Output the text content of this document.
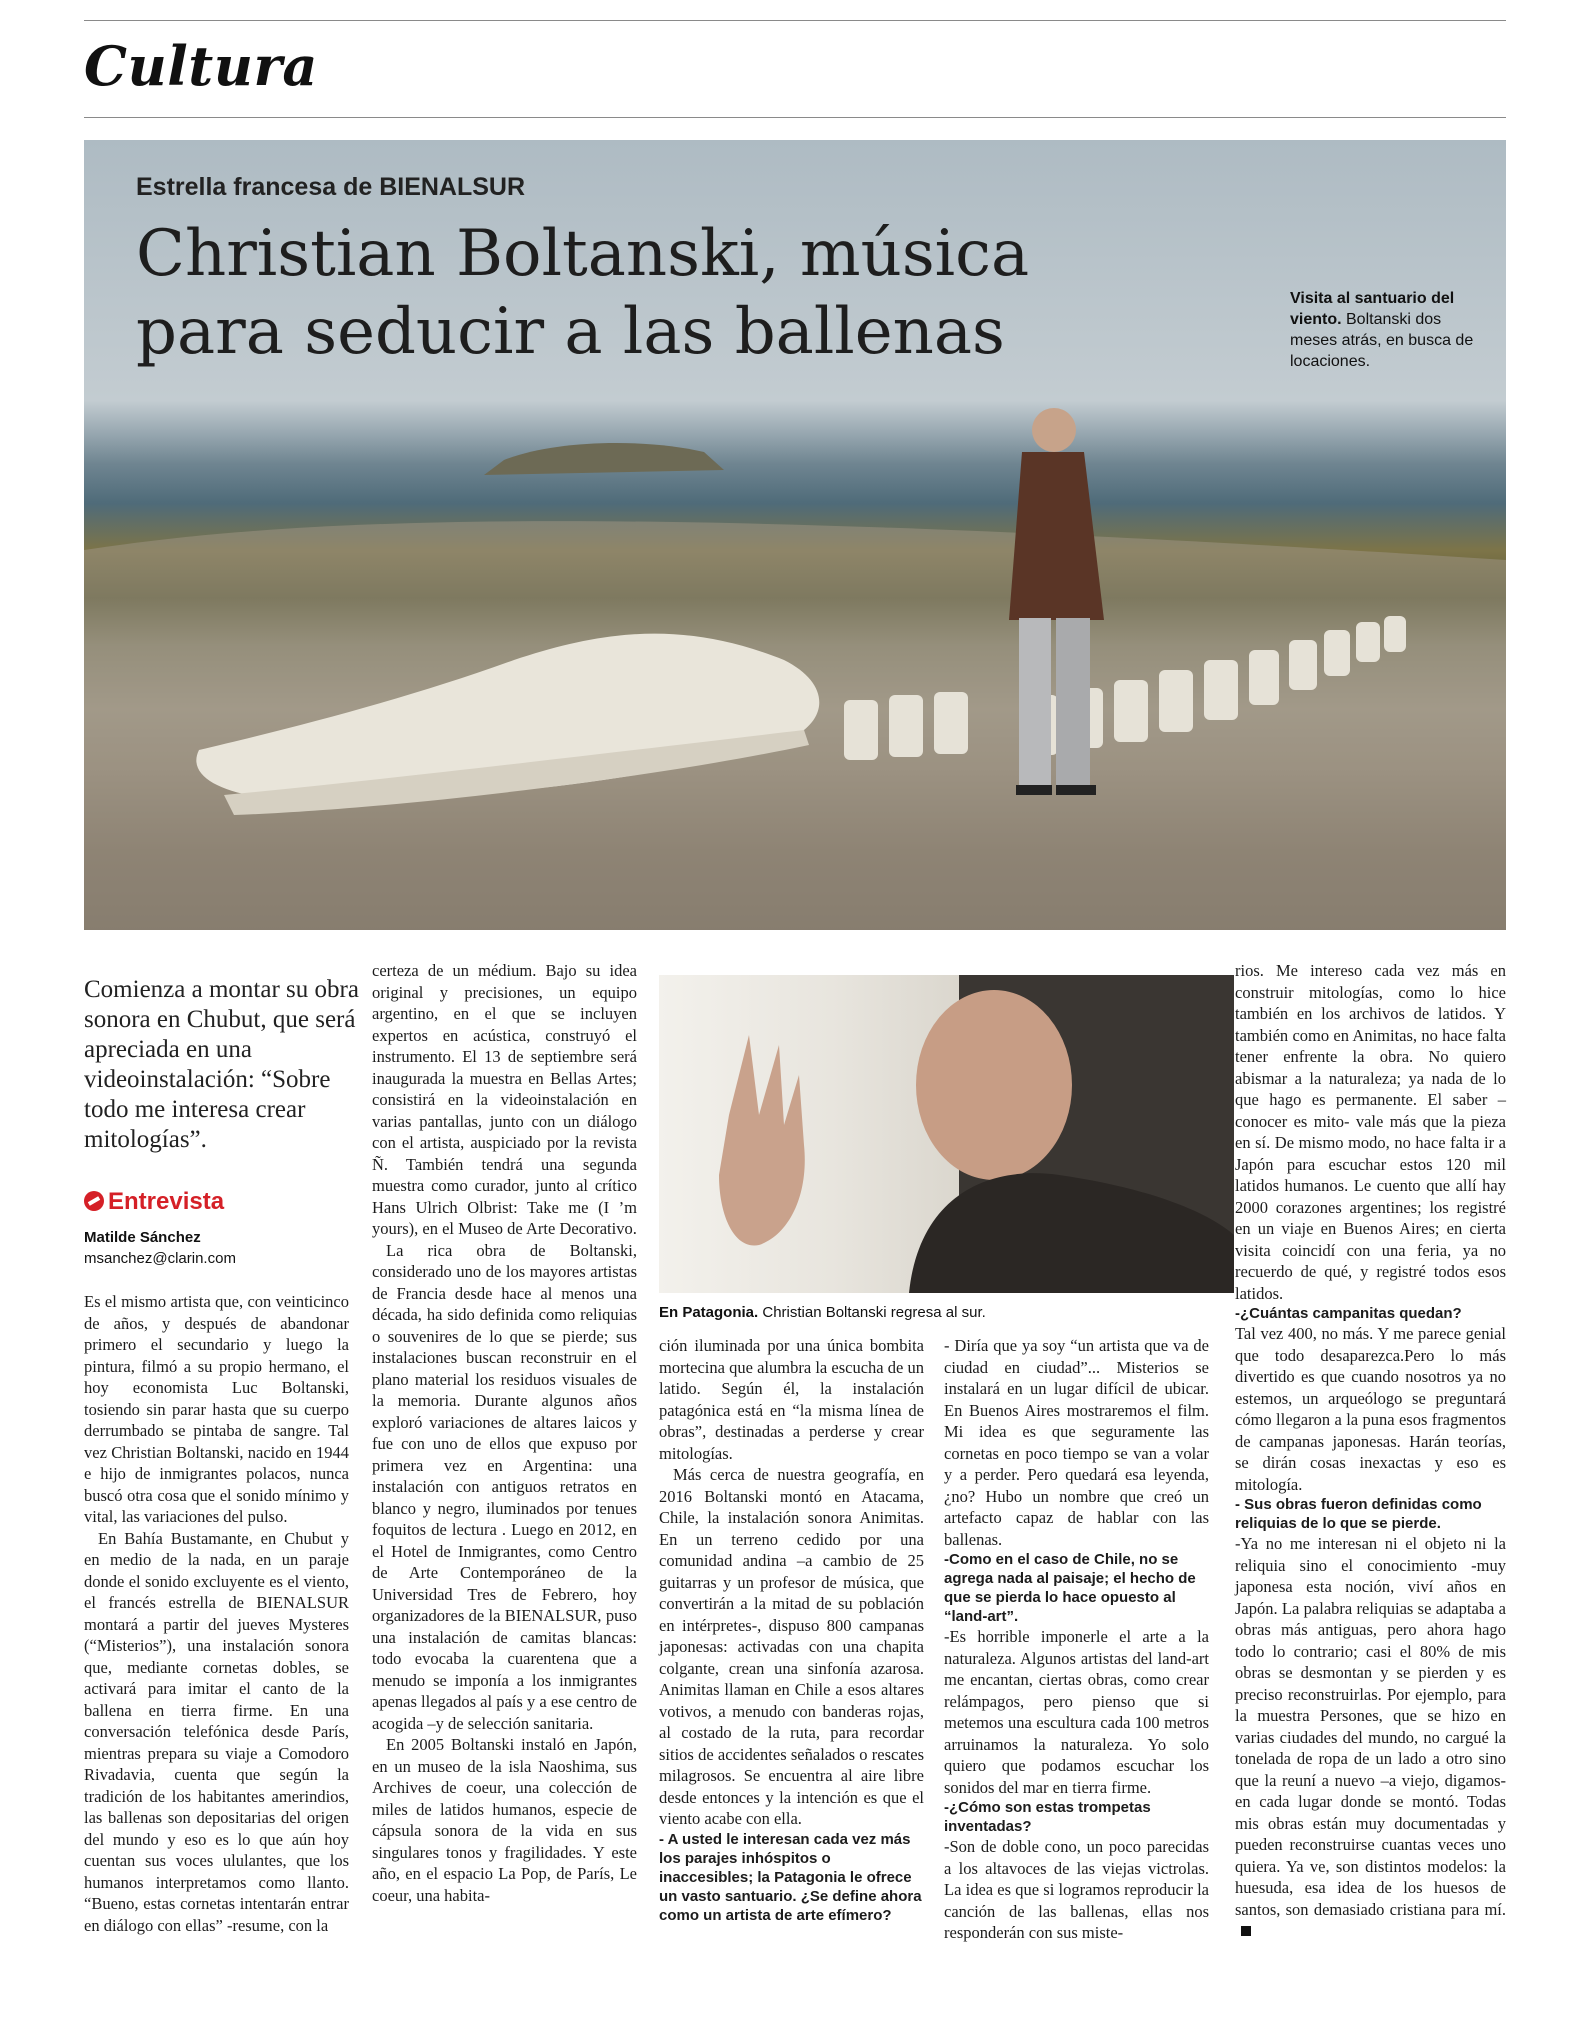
Cultura
Estrella francesa de BIENALSUR
Christian Boltanski, música para seducir a las ballenas	Visita al santuario del viento. Boltanski dos meses atrás, en busca de locaciones.
Comienza a montar su obra sonora en Chubut, que será apreciada en una videoinstalación: “Sobre todo me interesa crear mitologías”.
Entrevista
Matilde Sánchez
msanchez@clarin.com

Es el mismo artista que, con veinticinco de años, y después de abandonar primero el secundario y luego la pintura, filmó a su propio hermano, el hoy economista Luc Boltanski, tosiendo sin parar hasta que su cuerpo derrumbado se pintaba de sangre. Tal vez Christian Boltanski, nacido en 1944 e hijo de inmigrantes polacos, nunca buscó otra cosa que el sonido mínimo y vital, las variaciones del pulso.

En Bahía Bustamante, en Chubut y en medio de la nada, en un paraje donde el sonido excluyente es el viento, el francés estrella de BIENALSUR montará a partir del jueves Mysteres (“Misterios”), una instalación sonora que, mediante cornetas dobles, se activará para imitar el canto de la ballena en tierra firme. En una conversación telefónica desde París, mientras prepara su viaje a Comodoro Rivadavia, cuenta que según la tradición de los habitantes amerindios, las ballenas son depositarias del origen del mundo y eso es lo que aún hoy cuentan sus voces ululantes, que los humanos interpretamos como llanto. “Bueno, estas cornetas intentarán entrar en diálogo con ellas” -resume, con la

certeza de un médium. Bajo su idea original y precisiones, un equipo argentino, en el que se incluyen expertos en acústica, construyó el instrumento. El 13 de septiembre será inaugurada la muestra en Bellas Artes; consistirá en la videoinstalación en varias pantallas, junto con un diálogo con el artista, auspiciado por la revista Ñ. También tendrá una segunda muestra como curador, junto al crítico Hans Ulrich Olbrist: Take me (I ’m yours), en el Museo de Arte Decorativo.

La rica obra de Boltanski, considerado uno de los mayores artistas de Francia desde hace al menos una década, ha sido definida como reliquias o souvenires de lo que se pierde; sus instalaciones buscan reconstruir en el plano material los residuos visuales de la memoria. Durante algunos años exploró variaciones de altares laicos y fue con uno de ellos que expuso por primera vez en Argentina: una instalación con antiguos retratos en blanco y negro, iluminados por tenues foquitos de lectura . Luego en 2012, en el Hotel de Inmigrantes, como Centro de Arte Contemporáneo de la Universidad Tres de Febrero, hoy organizadores de la BIENALSUR, puso una instalación de camitas blancas: todo evocaba la cuarentena que a menudo se imponía a los inmigrantes apenas llegados al país y a ese centro de acogida –y de selección sanitaria.

En 2005 Boltanski instaló en Japón, en un museo de la isla Naoshima, sus Archives de coeur, una colección de miles de latidos humanos, especie de cápsula sonora de la vida en sus singulares tonos y fragilidades. Y este año, en el espacio La Pop, de París, Le coeur, una habita-

En Patagonia. Christian Boltanski regresa al sur.

ción iluminada por una única bombita mortecina que alumbra la escucha de un latido. Según él, la instalación patagónica está en “la misma línea de obras”, destinadas a perderse y crear mitologías.

Más cerca de nuestra geografía, en 2016 Boltanski montó en Atacama, Chile, la instalación sonora Animitas. En un terreno cedido por una comunidad andina –a cambio de 25 guitarras y un profesor de música, que convertirán a la mitad de su población en intérpretes-, dispuso 800 campanas japonesas: activadas con una chapita colgante, crean una sinfonía azarosa. Animitas llaman en Chile a esos altares votivos, a menudo con banderas rojas, al costado de la ruta, para recordar sitios de accidentes señalados o rescates milagrosos. Se encuentra al aire libre desde entonces y la intención es que el viento acabe con ella.

- A usted le interesan cada vez más los parajes inhóspitos o inaccesibles; la Patagonia le ofrece un vasto santuario. ¿Se define ahora como un artista de arte efímero?

- Diría que ya soy “un artista que va de ciudad en ciudad”... Misterios se instalará en un lugar difícil de ubicar. En Buenos Aires mostraremos el film. Mi idea es que seguramente las cornetas en poco tiempo se van a volar y a perder. Pero quedará esa leyenda, ¿no? Hubo un nombre que creó un artefacto capaz de hablar con las ballenas.

-Como en el caso de Chile, no se agrega nada al paisaje; el hecho de que se pierda lo hace opuesto al “land-art”.

-Es horrible imponerle el arte a la naturaleza. Algunos artistas del land-art me encantan, ciertas obras, como crear relámpagos, pero pienso que si metemos una escultura cada 100 metros arruinamos la naturaleza. Yo solo quiero que podamos escuchar los sonidos del mar en tierra firme.

-¿Cómo son estas trompetas inventadas?

-Son de doble cono, un poco parecidas a los altavoces de las viejas victrolas. La idea es que si logramos reproducir la canción de las ballenas, ellas nos responderán con sus miste-

rios. Me intereso cada vez más en construir mitologías, como lo hice también en los archivos de latidos. Y también como en Animitas, no hace falta tener enfrente la obra. No quiero abismar a la naturaleza; ya nada de lo que hago es permanente. El saber –conocer es mito- vale más que la pieza en sí. De mismo modo, no hace falta ir a Japón para escuchar estos 120 mil latidos humanos. Le cuento que allí hay 2000 corazones argentines; los registré en un viaje en Buenos Aires; en cierta visita coincidí con una feria, ya no recuerdo de qué, y registré todos esos latidos.

-¿Cuántas campanitas quedan?

Tal vez 400, no más. Y me parece genial que todo desaparezca.Pero lo más divertido es que cuando nosotros ya no estemos, un arqueólogo se preguntará cómo llegaron a la puna esos fragmentos de campanas japonesas. Harán teorías, se dirán cosas inexactas y eso es mitología.

- Sus obras fueron definidas como reliquias de lo que se pierde.

-Ya no me interesan ni el objeto ni la reliquia sino el conocimiento -muy japonesa esta noción, viví años en Japón. La palabra reliquias se adaptaba a obras más antiguas, pero ahora hago todo lo contrario; casi el 80% de mis obras se desmontan y se pierden y es preciso reconstruirlas. Por ejemplo, para la muestra Persones, que se hizo en varias ciudades del mundo, no cargué la tonelada de ropa de un lado a otro sino que la reuní a nuevo –a viejo, digamos- en cada lugar donde se montó. Todas mis obras están muy documentadas y pueden reconstruirse cuantas veces uno quiera. Ya ve, son distintos modelos: la huesuda, esa idea de los huesos de santos, son demasiado cristiana para mí.
